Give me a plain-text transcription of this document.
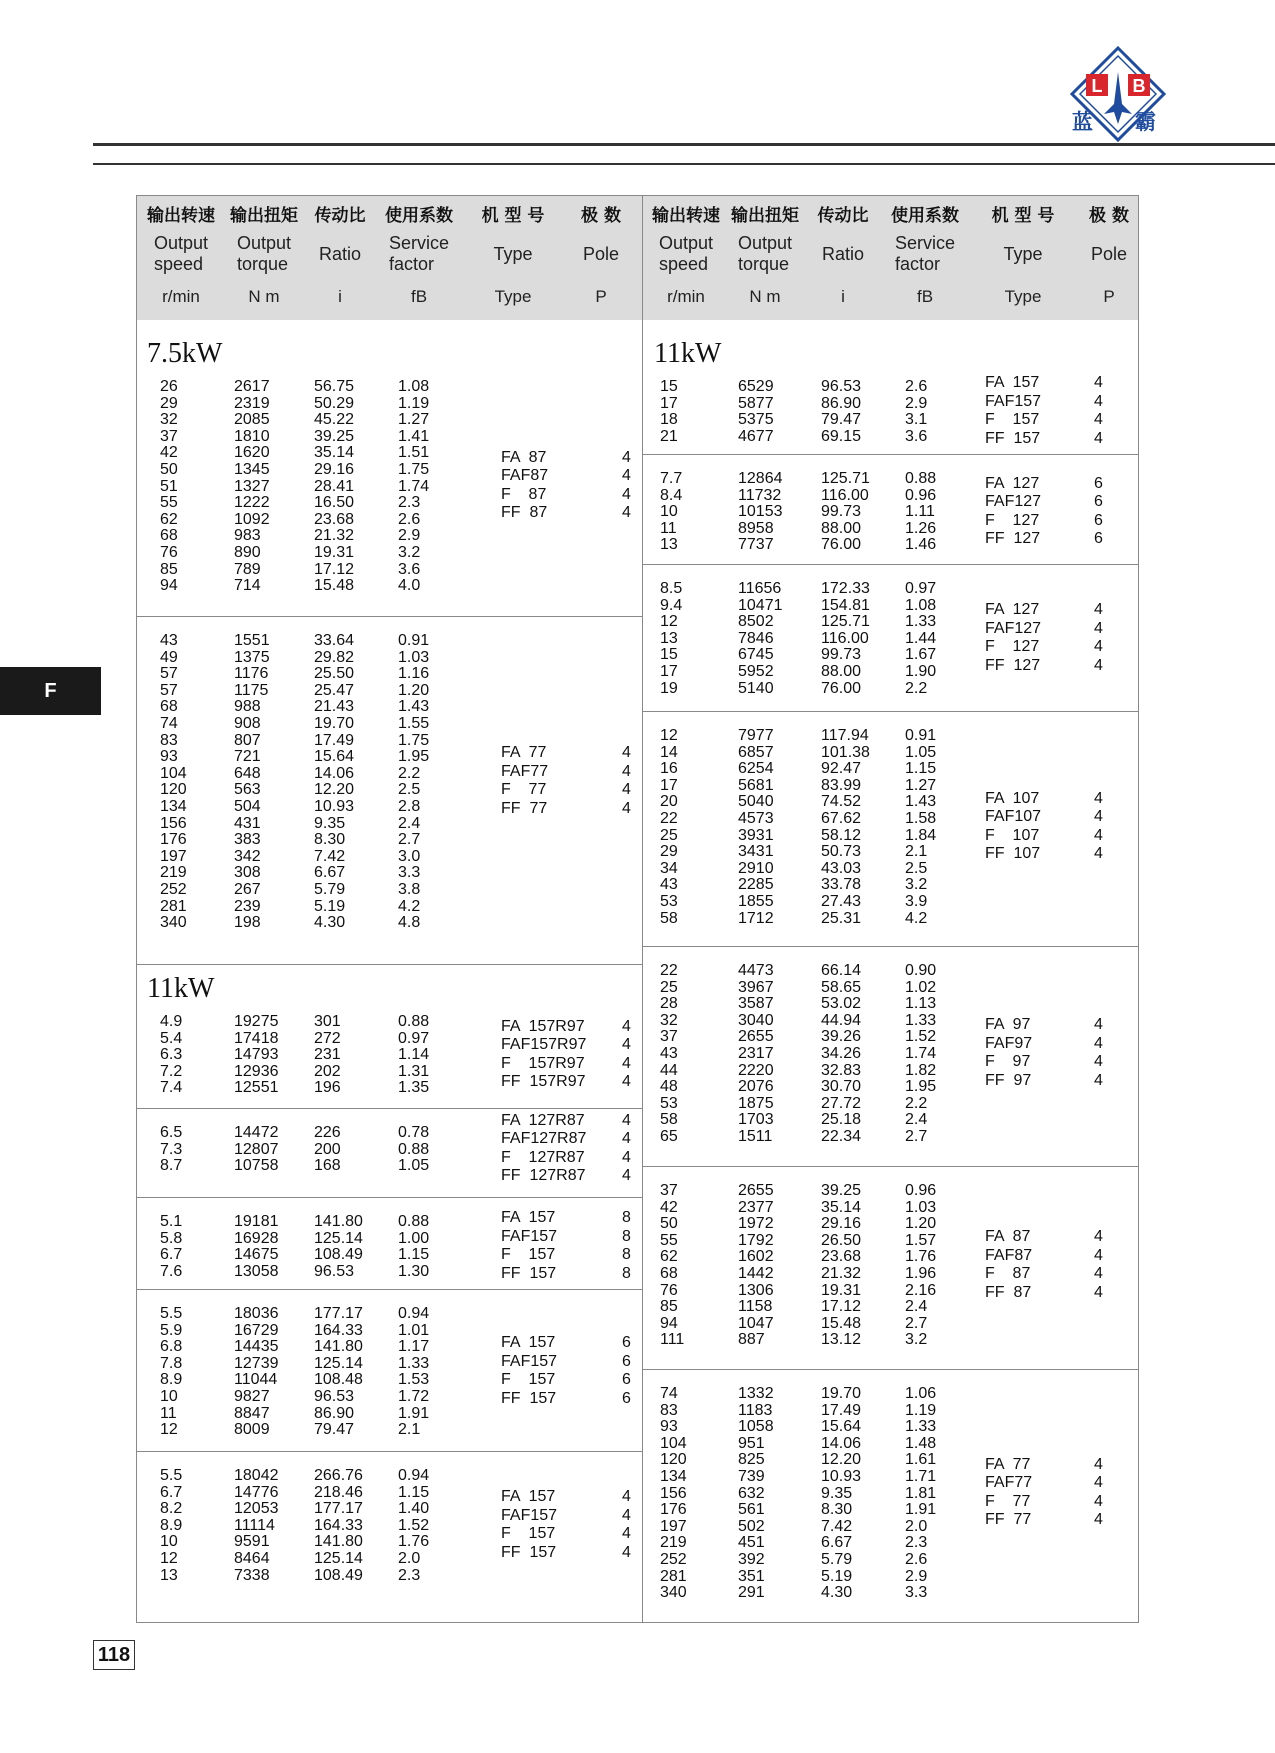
L B
蓝 霸
F
118
输出转速
Output
speed
r/min
输出扭矩
Output
torque
N m
传动比
Ratio
i
使用系数
Service
factor
fB
机 型 号
Type
Type
极 数
Pole
P
7.5kW
26	2617	56.75	1.08
29	2319	50.29	1.19
32	2085	45.22	1.27
37	1810	39.25	1.41
42	1620	35.14	1.51
50	1345	29.16	1.75
51	1327	28.41	1.74
55	1222	16.50	2.3
62	1092	23.68	2.6
68	983	21.32	2.9
76	890	19.31	3.2
85	789	17.12	3.6
94	714	15.48	4.0
FA  87	4
FAF87	4
F    87	4
FF  87	4
43	1551	33.64	0.91
49	1375	29.82	1.03
57	1176	25.50	1.16
57	1175	25.47	1.20
68	988	21.43	1.43
74	908	19.70	1.55
83	807	17.49	1.75
93	721	15.64	1.95
104	648	14.06	2.2
120	563	12.20	2.5
134	504	10.93	2.8
156	431	9.35	2.4
176	383	8.30	2.7
197	342	7.42	3.0
219	308	6.67	3.3
252	267	5.79	3.8
281	239	5.19	4.2
340	198	4.30	4.8
FA  77	4
FAF77	4
F    77	4
FF  77	4
11kW
4.9	19275 301	0.88
5.4	17418 272	0.97
6.3	14793 231	1.14
7.2	12936 202	1.31
7.4	12551 196	1.35
FA  157R97 4
FAF157R97 4
F    157R97 4
FF  157R97 4
6.5	14472 226	0.78
7.3	12807 200	0.88
8.7	10758 168	1.05
FA  127R87 4
FAF127R87 4
F    127R87 4
FF  127R87 4
5.1	19181 141.80 0.88
5.8	16928 125.14 1.00
6.7	14675 108.49 1.15
7.6	13058 96.53	1.30
FA  157	8
FAF157	8
F    157	8
FF  157	8
5.5	18036 177.17 0.94
5.9	16729 164.33 1.01
6.8	14435 141.80 1.17
7.8	12739 125.14 1.33
8.9	11044 108.48 1.53
10	9827	96.53	1.72
11	8847	86.90	1.91
12	8009	79.47	2.1
FA  157	6
FAF157	6
F    157	6
FF  157	6
5.5	18042 266.76 0.94
6.7	14776 218.46 1.15
8.2	12053 177.17 1.40
8.9	11114 164.33 1.52
10	9591	141.80 1.76
12	8464	125.14 2.0
13	7338	108.49 2.3
FA  157	4
FAF157	4
F    157	4
FF  157	4
输出转速
Output
speed
r/min
输出扭矩
Output
torque
N m
传动比
Ratio
i
使用系数
Service
factor
fB
机 型 号
Type
Type
极 数
Pole
P
11kW
15	6529	96.53	2.6
17	5877	86.90	2.9
18	5375	79.47	3.1
21	4677	69.15	3.6
FA  157	4
FAF157	4
F    157	4
FF  157	4
7.7	12864 125.71 0.88
8.4	11732 116.00 0.96
10	10153 99.73	1.11
11	8958	88.00	1.26
13	7737	76.00	1.46
FA  127	6
FAF127	6
F    127	6
FF  127	6
8.5	11656 172.33 0.97
9.4	10471 154.81 1.08
12	8502	125.71 1.33
13	7846	116.00 1.44
15	6745	99.73	1.67
17	5952	88.00	1.90
19	5140	76.00	2.2
FA  127	4
FAF127	4
F    127	4
FF  127	4
12	7977	117.94 0.91
14	6857	101.38 1.05
16	6254	92.47	1.15
17	5681	83.99	1.27
20	5040	74.52	1.43
22	4573	67.62	1.58
25	3931	58.12	1.84
29	3431	50.73	2.1
34	2910	43.03	2.5
43	2285	33.78	3.2
53	1855	27.43	3.9
58	1712	25.31	4.2
FA  107	4
FAF107	4
F    107	4
FF  107	4
22	4473	66.14	0.90
25	3967	58.65	1.02
28	3587	53.02	1.13
32	3040	44.94	1.33
37	2655	39.26	1.52
43	2317	34.26	1.74
44	2220	32.83	1.82
48	2076	30.70	1.95
53	1875	27.72	2.2
58	1703	25.18	2.4
65	1511	22.34	2.7
FA  97	4
FAF97	4
F    97	4
FF  97	4
37	2655	39.25	0.96
42	2377	35.14	1.03
50	1972	29.16	1.20
55	1792	26.50	1.57
62	1602	23.68	1.76
68	1442	21.32	1.96
76	1306	19.31	2.16
85	1158	17.12	2.4
94	1047	15.48	2.7
111	887	13.12	3.2
FA  87	4
FAF87	4
F    87	4
FF  87	4
74	1332	19.70	1.06
83	1183	17.49	1.19
93	1058	15.64	1.33
104	951	14.06	1.48
120	825	12.20	1.61
134	739	10.93	1.71
156	632	9.35	1.81
176	561	8.30	1.91
197	502	7.42	2.0
219	451	6.67	2.3
252	392	5.79	2.6
281	351	5.19	2.9
340	291	4.30	3.3
FA  77	4
FAF77	4
F    77	4
FF  77	4
